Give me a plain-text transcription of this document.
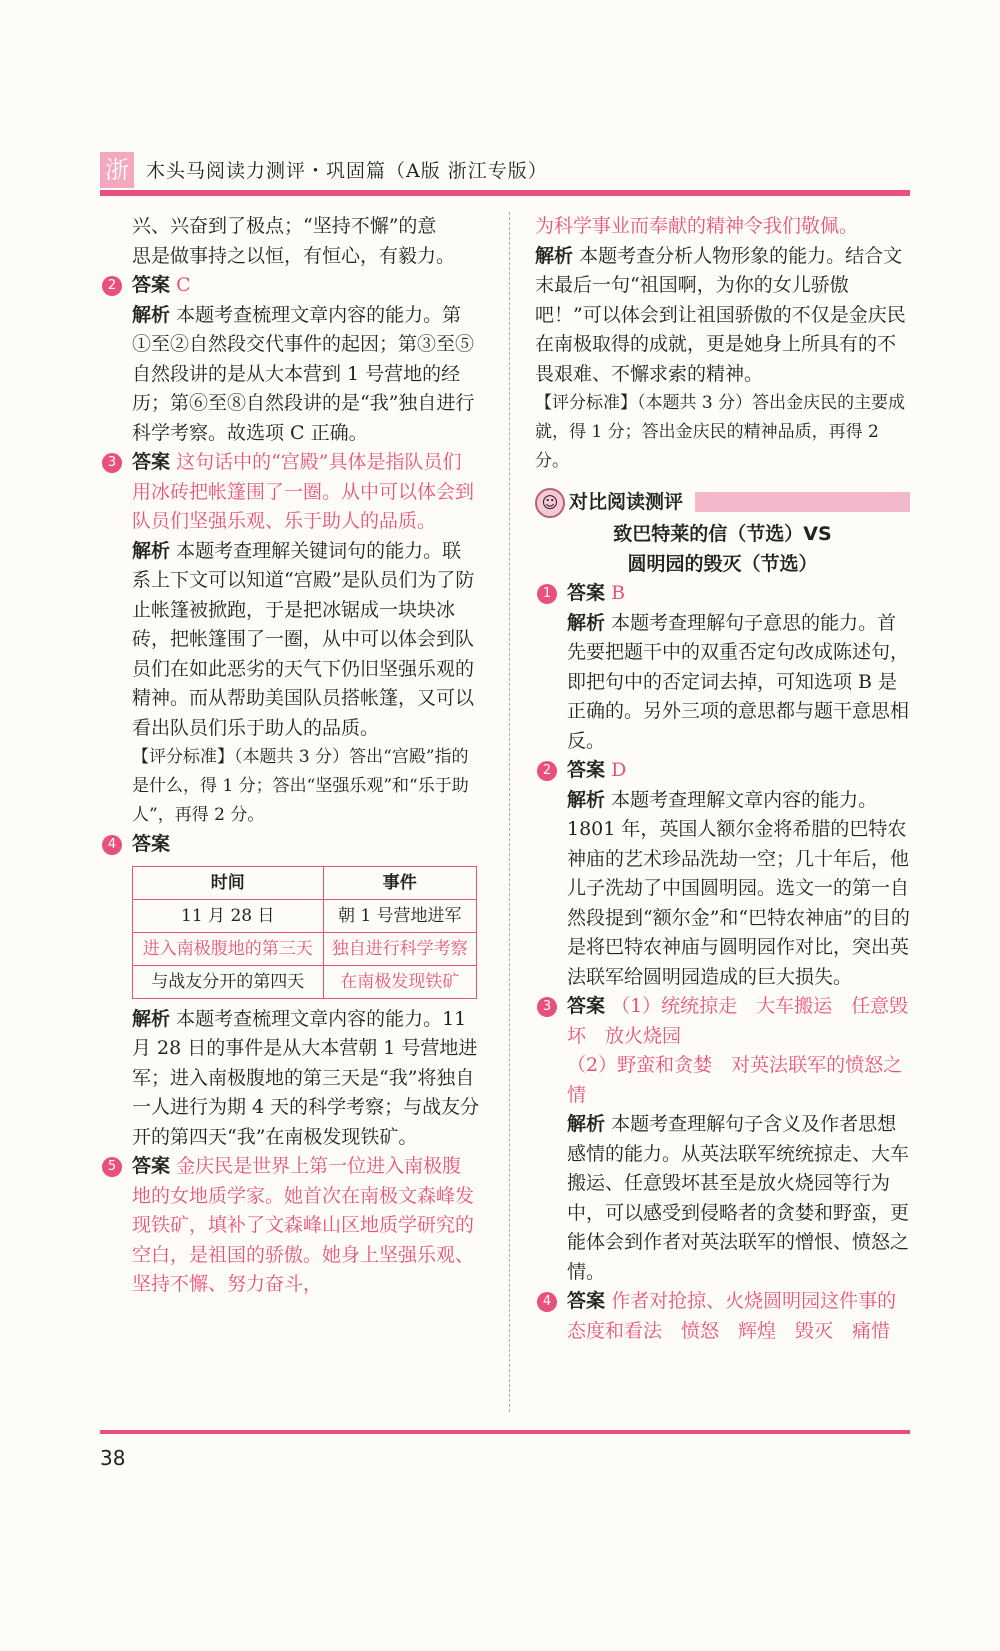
浙 木头马阅读力测评・巩固篇（A版 浙江专版）

兴、兴奋到了极点；“坚持不懈”的意

思是做事持之以恒，有恒心，有毅力。

2 答案 C

解析 本题考查梳理文章内容的能力。第①至②自然段交代事件的起因；第③至⑤自然段讲的是从大本营到 1 号营地的经历；第⑥至⑧自然段讲的是“我”独自进行科学考察。故选项 C 正确。

3 答案 这句话中的“宫殿”具体是指队员们用冰砖把帐篷围了一圈。从中可以体会到队员们坚强乐观、乐于助人的品质。

解析 本题考查理解关键词句的能力。联系上下文可以知道“宫殿”是队员们为了防止帐篷被掀跑，于是把冰锯成一块块冰砖，把帐篷围了一圈，从中可以体会到队员们在如此恶劣的天气下仍旧坚强乐观的精神。而从帮助美国队员搭帐篷，又可以看出队员们乐于助人的品质。

【评分标准】（本题共 3 分）答出“宫殿”指的是什么，得 1 分；答出“坚强乐观”和“乐于助人”，再得 2 分。

4 答案

时间	事件
11 月 28 日	朝 1 号营地进军
进入南极腹地的第三天	独自进行科学考察
与战友分开的第四天	在南极发现铁矿

解析 本题考查梳理文章内容的能力。11 月 28 日的事件是从大本营朝 1 号营地进军；进入南极腹地的第三天是“我”将独自一人进行为期 4 天的科学考察；与战友分开的第四天“我”在南极发现铁矿。

5 答案 金庆民是世界上第一位进入南极腹地的女地质学家。她首次在南极文森峰发现铁矿，填补了文森峰山区地质学研究的空白，是祖国的骄傲。她身上坚强乐观、坚持不懈、努力奋斗，

为科学事业而奉献的精神令我们敬佩。

解析 本题考查分析人物形象的能力。结合文末最后一句“祖国啊，为你的女儿骄傲吧！”可以体会到让祖国骄傲的不仅是金庆民在南极取得的成就，更是她身上所具有的不畏艰难、不懈求索的精神。

【评分标准】（本题共 3 分）答出金庆民的主要成就，得 1 分；答出金庆民的精神品质，再得 2 分。

☺ 对比阅读测评

致巴特莱的信（节选）VS

圆明园的毁灭（节选）

1 答案 B

解析 本题考查理解句子意思的能力。首先要把题干中的双重否定句改成陈述句，即把句中的否定词去掉，可知选项 B 是正确的。另外三项的意思都与题干意思相反。

2 答案 D

解析 本题考查理解文章内容的能力。1801 年，英国人额尔金将希腊的巴特农神庙的艺术珍品洗劫一空；几十年后，他儿子洗劫了中国圆明园。选文一的第一自然段提到“额尔金”和“巴特农神庙”的目的是将巴特农神庙与圆明园作对比，突出英法联军给圆明园造成的巨大损失。

3 答案 （1）统统掠走　大车搬运　任意毁坏　放火烧园

（2）野蛮和贪婪　对英法联军的愤怒之情

解析 本题考查理解句子含义及作者思想感情的能力。从英法联军统统掠走、大车搬运、任意毁坏甚至是放火烧园等行为中，可以感受到侵略者的贪婪和野蛮，更能体会到作者对英法联军的憎恨、愤怒之情。

4 答案 作者对抢掠、火烧圆明园这件事的态度和看法　愤怒　辉煌　毁灭　痛惜

38
